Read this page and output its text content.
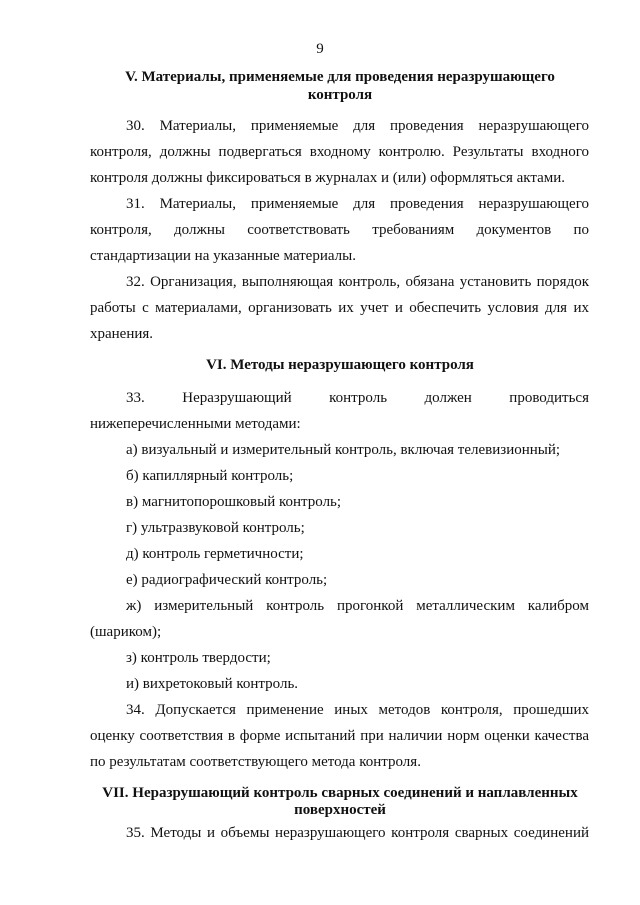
9
V. Материалы, применяемые для проведения неразрушающего
контроля
30. Материалы, применяемые для проведения неразрушающего
контроля, должны подвергаться входному контролю. Результаты входного
контроля должны фиксироваться в журналах и (или) оформляться актами.
31. Материалы, применяемые для проведения неразрушающего
контроля, должны соответствовать требованиям документов по
стандартизации на указанные материалы.
32. Организация, выполняющая контроль, обязана установить порядок
работы с материалами, организовать их учет и обеспечить условия для их
хранения.
VI. Методы неразрушающего контроля
33. Неразрушающий контроль должен проводиться
нижеперечисленными методами:
а) визуальный и измерительный контроль, включая телевизионный;
б) капиллярный контроль;
в) магнитопорошковый контроль;
г) ультразвуковой контроль;
д) контроль герметичности;
е) радиографический контроль;
ж) измерительный контроль прогонкой металлическим калибром
(шариком);
з) контроль твердости;
и) вихретоковый контроль.
34. Допускается применение иных методов контроля, прошедших
оценку соответствия в форме испытаний при наличии норм оценки качества
по результатам соответствующего метода контроля.
VII. Неразрушающий контроль сварных соединений и наплавленных
поверхностей
35. Методы и объемы неразрушающего контроля сварных соединений
